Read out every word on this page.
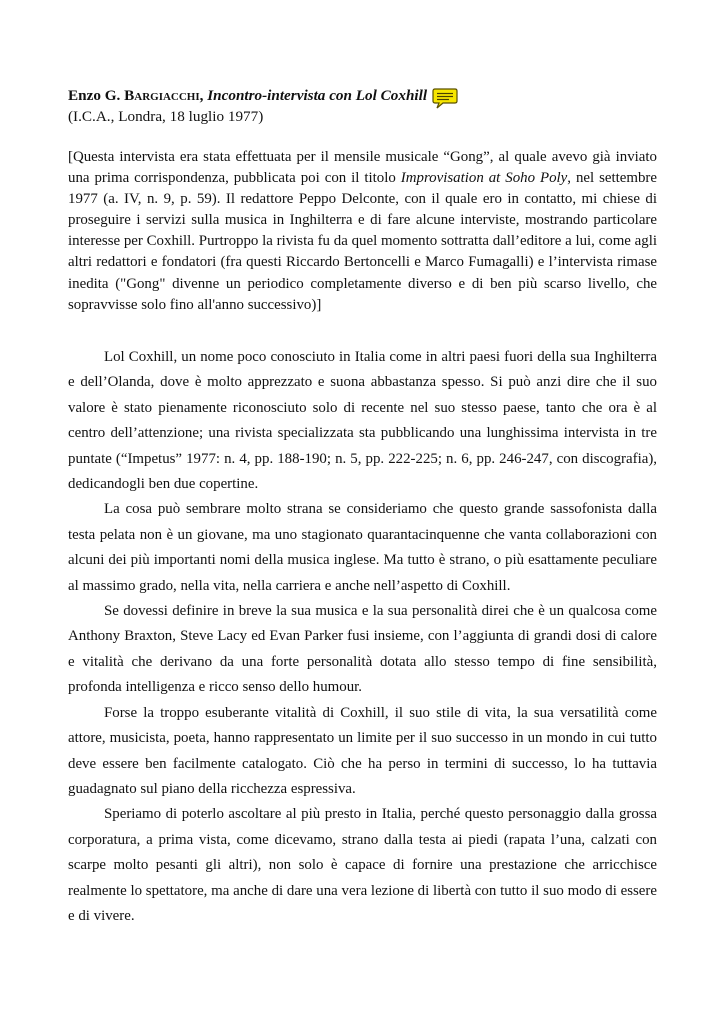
Enzo G. Bargiacchi, Incontro-intervista con Lol Coxhill
(I.C.A., Londra, 18 luglio 1977)
[Questa intervista era stata effettuata per il mensile musicale “Gong”, al quale avevo già inviato una prima corrispondenza, pubblicata poi con il titolo Improvisation at Soho Poly, nel settembre 1977 (a. IV, n. 9, p. 59). Il redattore Peppo Delconte, con il quale ero in contatto, mi chiese di proseguire i servizi sulla musica in Inghilterra e di fare alcune interviste, mostrando particolare interesse per Coxhill. Purtroppo la rivista fu da quel momento sottratta dall’editore a lui, come agli altri redattori e fondatori (fra questi Riccardo Bertoncelli e Marco Fumagalli) e l’intervista rimase inedita ("Gong" divenne un periodico completamente diverso e di ben più scarso livello, che sopravvisse solo fino all'anno successivo)]

Lol Coxhill, un nome poco conosciuto in Italia come in altri paesi fuori della sua Inghilterra e dell’Olanda, dove è molto apprezzato e suona abbastanza spesso. Si può anzi dire che il suo valore è stato pienamente riconosciuto solo di recente nel suo stesso paese, tanto che ora è al centro dell’attenzione; una rivista specializzata sta pubblicando una lunghissima intervista in tre puntate (“Impetus” 1977: n. 4, pp. 188-190; n. 5, pp. 222-225; n. 6, pp. 246-247, con discografia), dedicandogli ben due copertine.

La cosa può sembrare molto strana se consideriamo che questo grande sassofonista dalla testa pelata non è un giovane, ma uno stagionato quarantacinquenne che vanta collaborazioni con alcuni dei più importanti nomi della musica inglese. Ma tutto è strano, o più esattamente peculiare al massimo grado, nella vita, nella carriera e anche nell’aspetto di Coxhill.

Se dovessi definire in breve la sua musica e la sua personalità direi che è un qualcosa come Anthony Braxton, Steve Lacy ed Evan Parker fusi insieme, con l’aggiunta di grandi dosi di calore e vitalità che derivano da una forte personalità dotata allo stesso tempo di fine sensibilità, profonda intelligenza e ricco senso dello humour.

Forse la troppo esuberante vitalità di Coxhill, il suo stile di vita, la sua versatilità come attore, musicista, poeta, hanno rappresentato un limite per il suo successo in un mondo in cui tutto deve essere ben facilmente catalogato. Ciò che ha perso in termini di successo, lo ha tuttavia guadagnato sul piano della ricchezza espressiva.

Speriamo di poterlo ascoltare al più presto in Italia, perché questo personaggio dalla grossa corporatura, a prima vista, come dicevamo, strano dalla testa ai piedi (rapata l’una, calzati con scarpe molto pesanti gli altri), non solo è capace di fornire una prestazione che arricchisce realmente lo spettatore, ma anche di dare una vera lezione di libertà con tutto il suo modo di essere e di vivere.
